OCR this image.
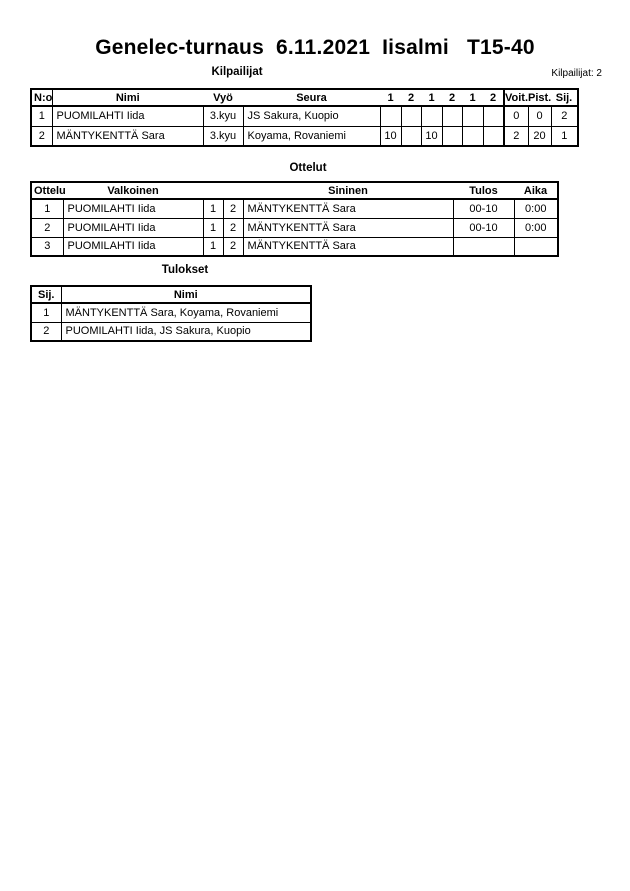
Genelec-turnaus  6.11.2021  Iisalmi   T15-40
Kilpailijat	Kilpailijat: 2
N:o	Nimi	Vyö	Seura	1	2	1	2	1	2	Voit.	Pist.	Sij.
1	PUOMILAHTI Iida	3.kyu	JS Sakura, Kuopio							0	0	2
2	MÄNTYKENTTÄ Sara	3.kyu	Koyama, Rovaniemi	10		10				2	20	1
Ottelut
Ottelu	Valkoinen			Sininen	Tulos	Aika
1	PUOMILAHTI Iida	1	2	MÄNTYKENTTÄ Sara	00-10	0:00
2	PUOMILAHTI Iida	1	2	MÄNTYKENTTÄ Sara	00-10	0:00
3	PUOMILAHTI Iida	1	2	MÄNTYKENTTÄ Sara		
Tulokset
Sij.	Nimi
1	MÄNTYKENTTÄ Sara, Koyama, Rovaniemi
2	PUOMILAHTI Iida, JS Sakura, Kuopio
